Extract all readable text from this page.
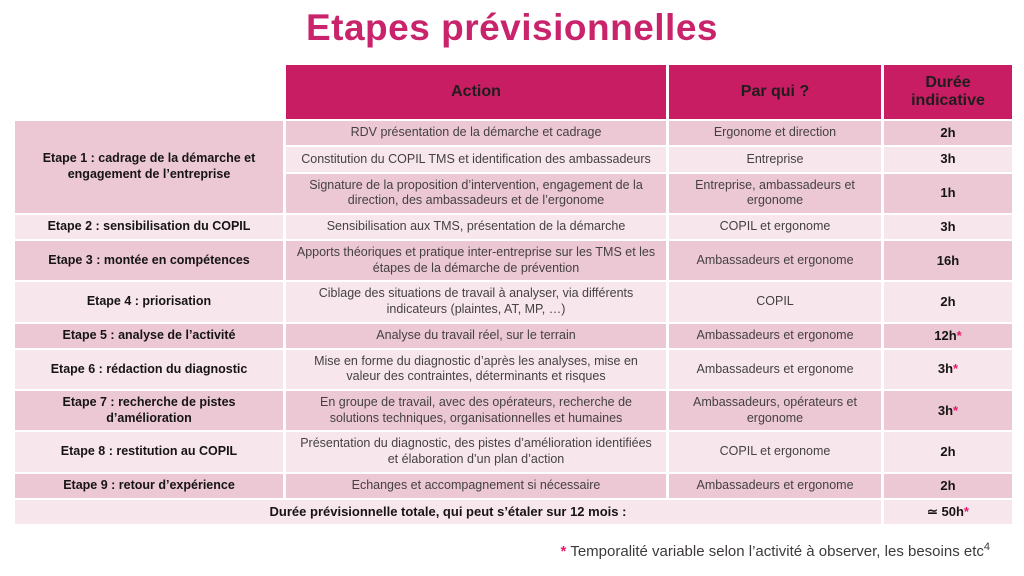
Etapes prévisionnelles
	Action	Par qui ?	Durée indicative
Etape 1 : cadrage de la démarche et engagement de l’entreprise	RDV présentation de la démarche et cadrage	Ergonome et direction	2h
	Constitution du COPIL TMS et identification des ambassadeurs	Entreprise	3h
	Signature de la proposition d’intervention, engagement de la direction, des ambassadeurs et de l’ergonome	Entreprise, ambassadeurs et ergonome	1h
Etape 2 : sensibilisation du COPIL	Sensibilisation aux TMS, présentation de la démarche	COPIL et ergonome	3h
Etape 3 : montée en compétences	Apports théoriques et pratique inter-entreprise sur les TMS et les étapes de la démarche de prévention	Ambassadeurs et ergonome	16h
Etape 4 : priorisation	Ciblage des situations de travail à analyser, via différents indicateurs (plaintes, AT, MP, …)	COPIL	2h
Etape 5 : analyse de l’activité	Analyse du travail réel, sur le terrain	Ambassadeurs et ergonome	12h*
Etape 6 : rédaction du diagnostic	Mise en forme du diagnostic d’après les analyses, mise en valeur des contraintes, déterminants et risques	Ambassadeurs et ergonome	3h*
Etape 7 : recherche de pistes d’amélioration	En groupe de travail, avec des opérateurs, recherche de solutions techniques, organisationnelles et humaines	Ambassadeurs, opérateurs et ergonome	3h*
Etape 8 : restitution au COPIL	Présentation du diagnostic, des pistes d’amélioration identifiées et élaboration d’un plan d’action	COPIL et ergonome	2h
Etape 9 : retour d’expérience	Echanges et accompagnement si nécessaire	Ambassadeurs et ergonome	2h
Durée prévisionnelle totale, qui peut s’étaler sur 12 mois :			≃ 50h*
* Temporalité variable selon l’activité à observer, les besoins etc$^4$
